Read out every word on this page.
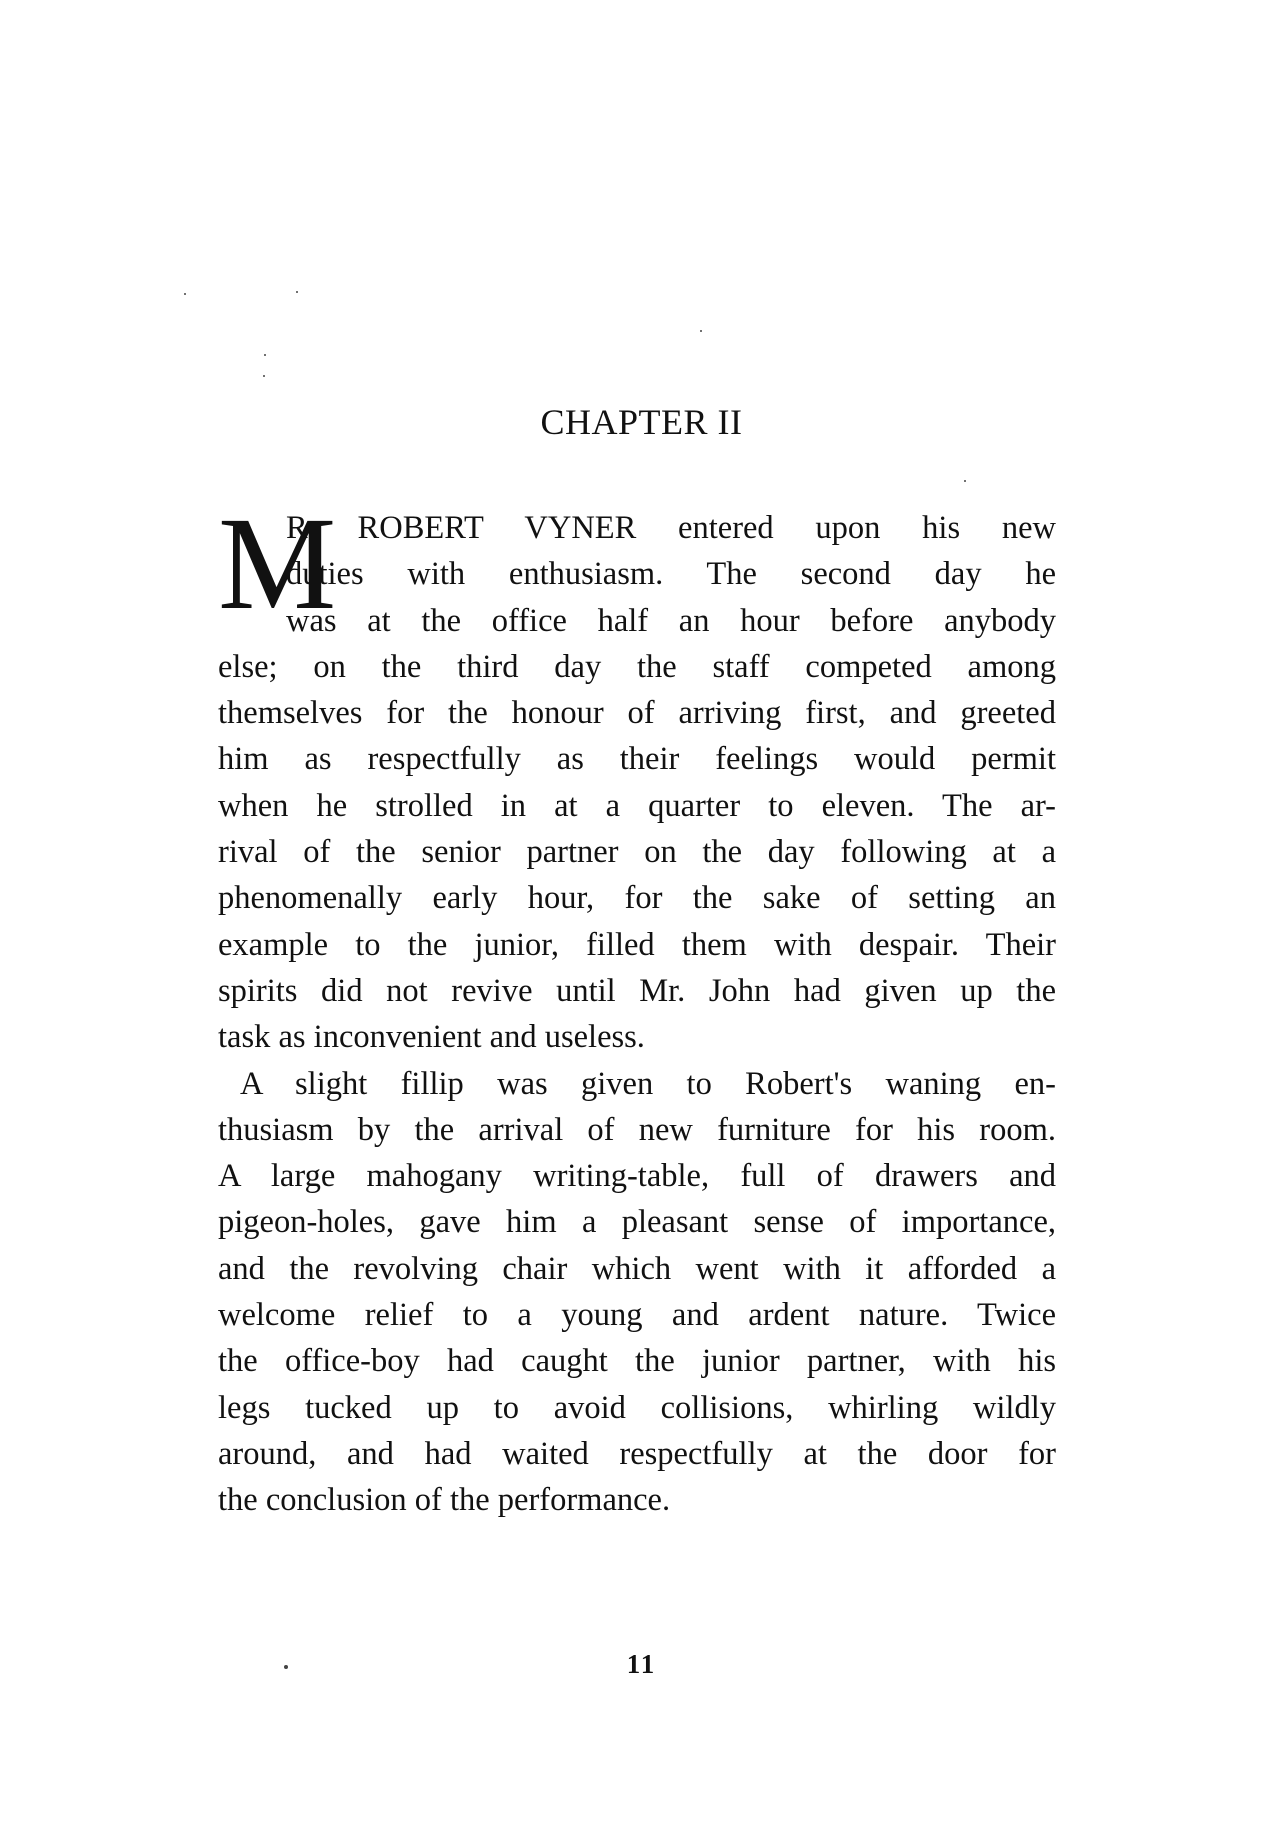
CHAPTER II
M
R. ROBERT VYNER entered upon his new
duties with enthusiasm. The second day he
was at the office half an hour before anybody
else; on the third day the staff competed among
themselves for the honour of arriving first, and greeted
him as respectfully as their feelings would permit
when he strolled in at a quarter to eleven. The ar-
rival of the senior partner on the day following at a
phenomenally early hour, for the sake of setting an
example to the junior, filled them with despair. Their
spirits did not revive until Mr. John had given up the
task as inconvenient and useless.
A slight fillip was given to Robert's waning en-
thusiasm by the arrival of new furniture for his room.
A large mahogany writing-table, full of drawers and
pigeon-holes, gave him a pleasant sense of importance,
and the revolving chair which went with it afforded a
welcome relief to a young and ardent nature. Twice
the office-boy had caught the junior partner, with his
legs tucked up to avoid collisions, whirling wildly
around, and had waited respectfully at the door for
the conclusion of the performance.
11
